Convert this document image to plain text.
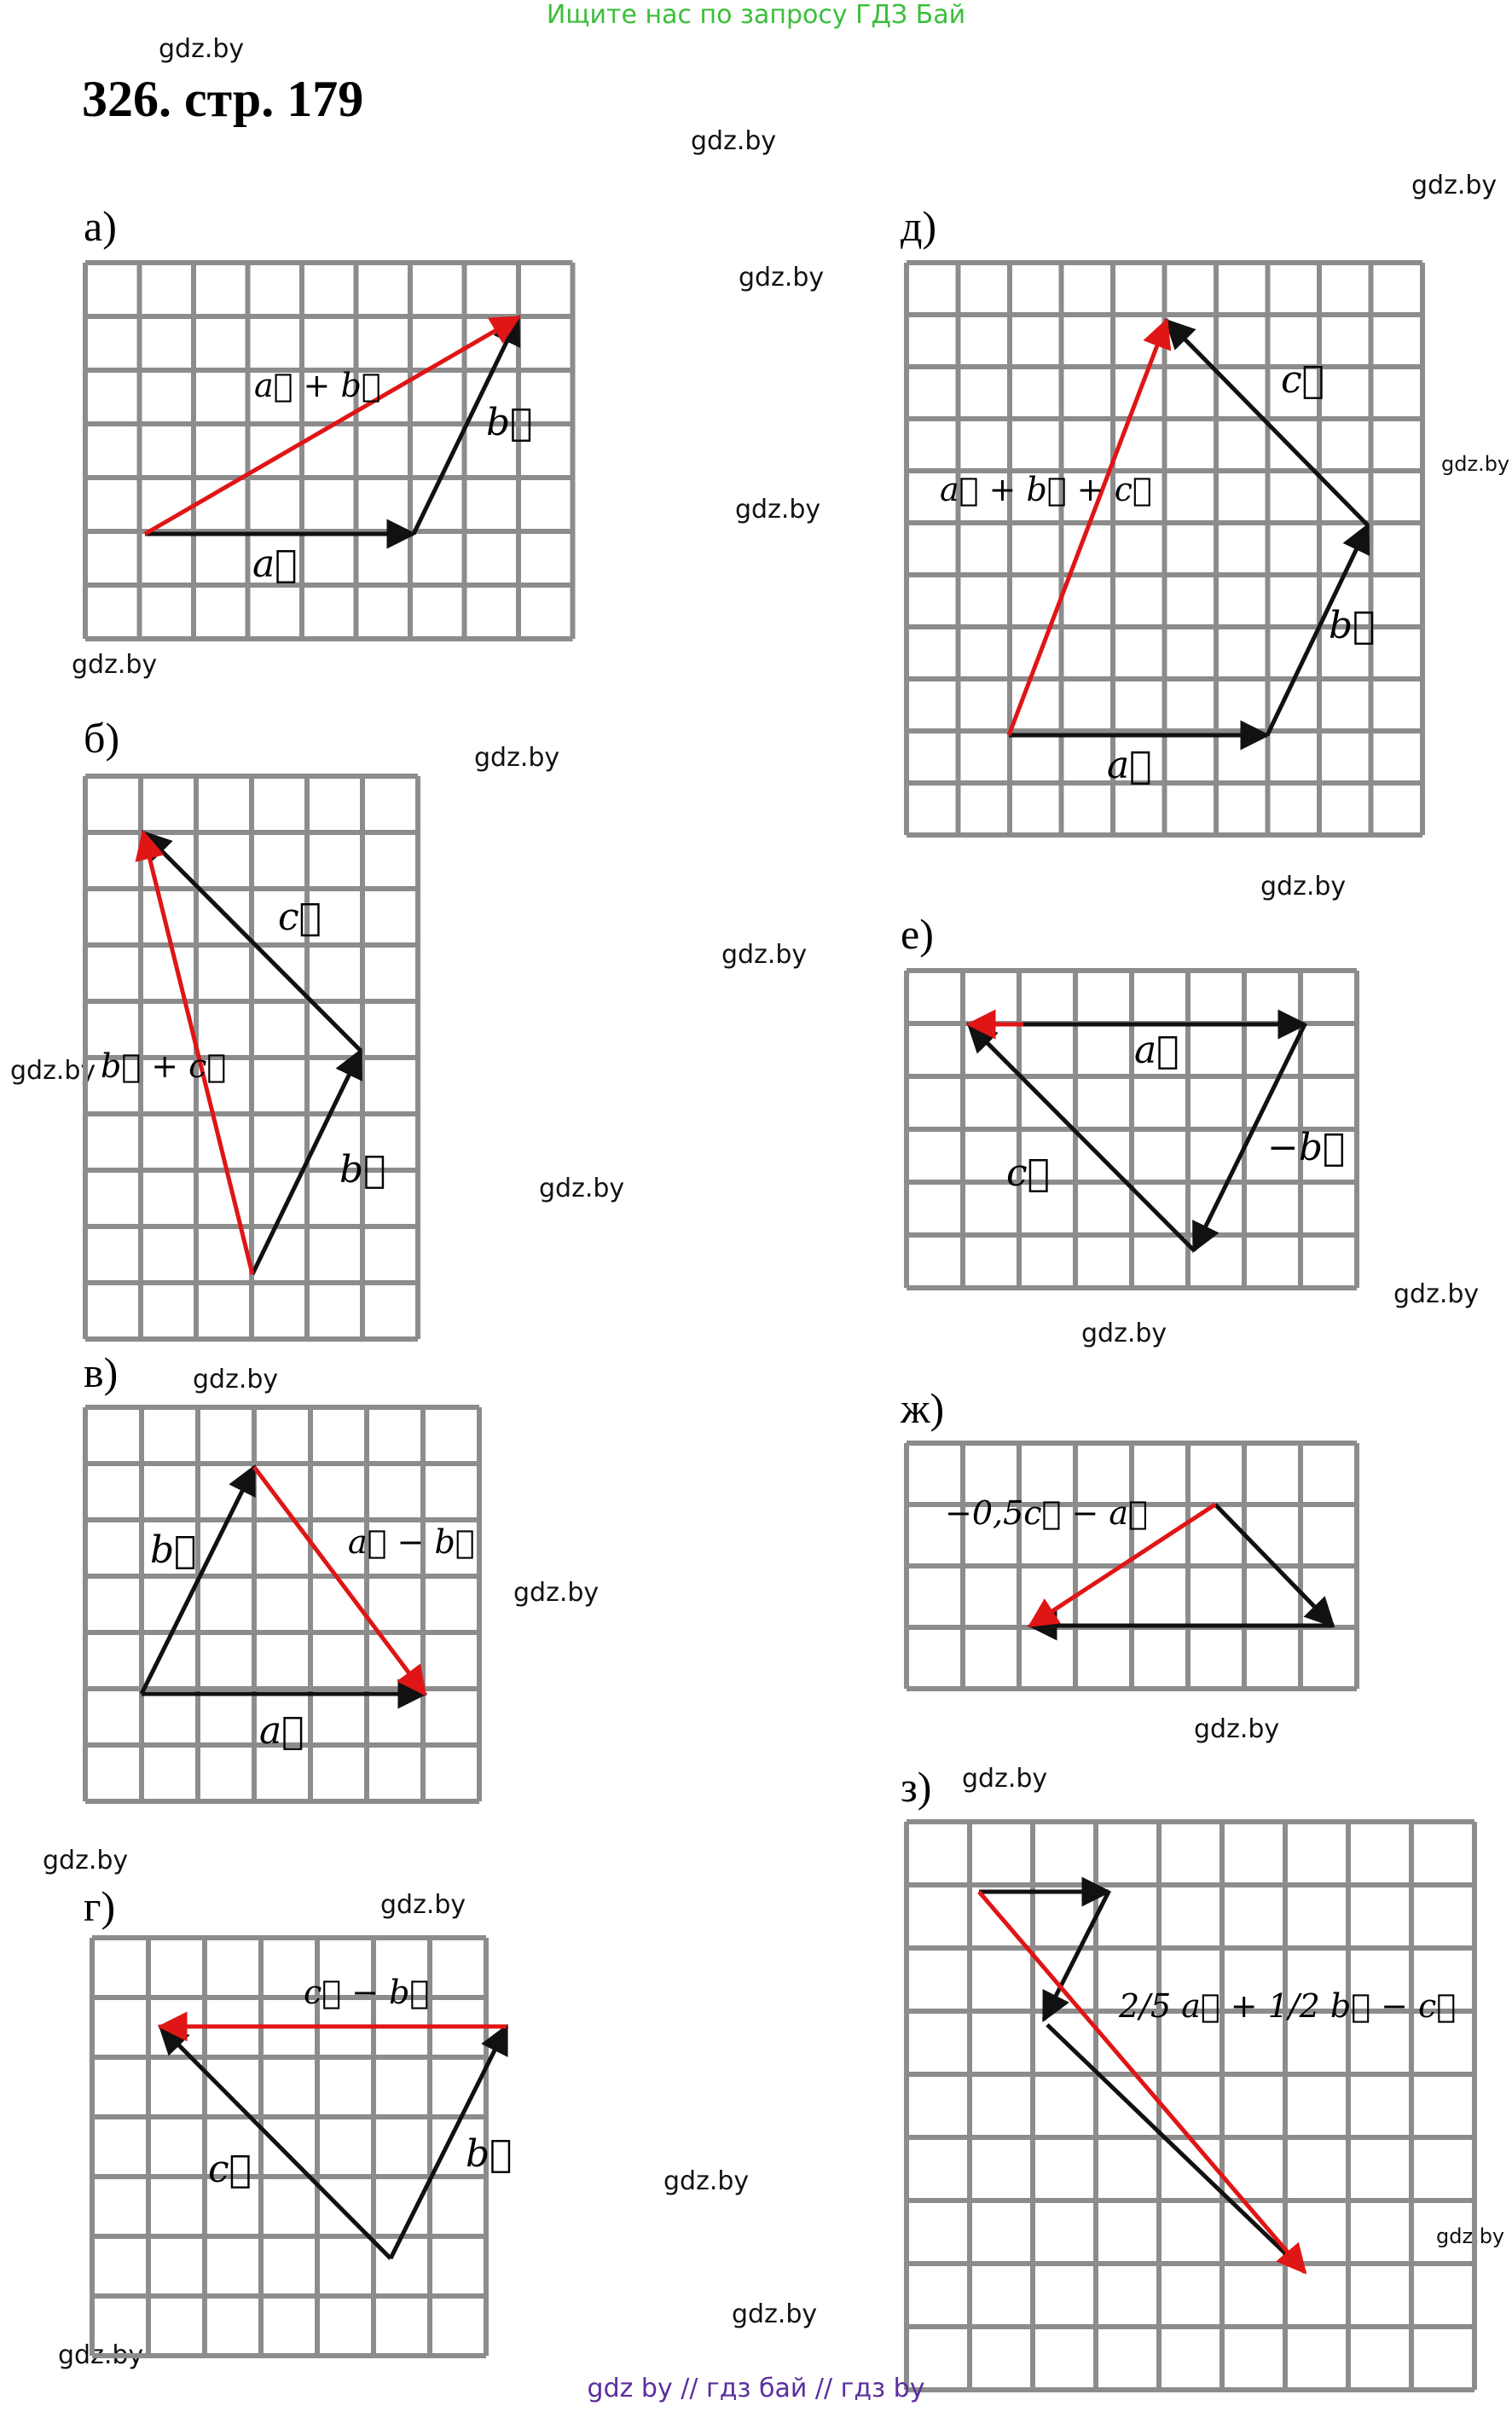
Ищите нас по запросу ГДЗ Бай
326. стр. 179
gdz.by
gdz.by
gdz.by
gdz.by
gdz.by
gdz.by
gdz.by
gdz.by
gdz.by
gdz.by
gdz.by
gdz.by
gdz.by
gdz.by
gdz.by
gdz.by
gdz.by
gdz.by
gdz.by
gdz.by
gdz.by
gdz.by
gdz.by
gdz.by
а)
б)
в)
г)
д)
е)
ж)
з)
a⃗ + b⃗
b⃗
a⃗
c⃗
b⃗ + c⃗
b⃗
b⃗	a⃗ − b⃗
a⃗
c⃗ − b⃗
c⃗	b⃗
c⃗
a⃗ + b⃗ + c⃗
b⃗
a⃗
a⃗
−b⃗
c⃗
−0,5c⃗ − a⃗
2/5 a⃗ + 1/2 b⃗ − c⃗
gdz by // гдз бай // гдз by
